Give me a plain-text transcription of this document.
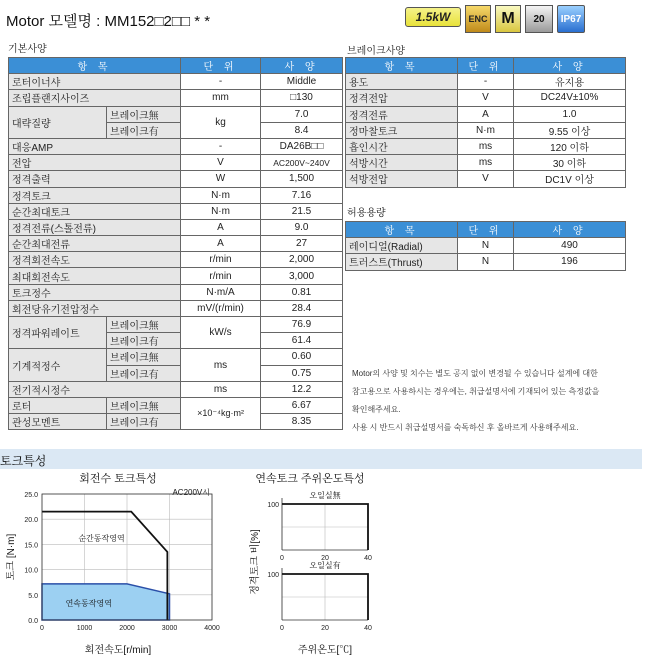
Motor 모델명 : MM152□2□□ * *	1.5kW	ENC M	20	IP67
기본사양
항 목		단 위	사 양
로터이너샤		-	Middle
조립플랜지사이즈		mm	□130
대략질량	브레이크無	kg	7.0
	브레이크有		8.4
대응AMP		-	DA26B□□
전압		V	AC200V~240V
정격출력		W	1,500
정격토크		N·m	7.16
순간최대토크		N·m	21.5
정격전류(스톨전류)		A	9.0
순간최대전류		A	27
정격회전속도		r/min	2,000
최대회전속도		r/min	3,000
토크정수		N·m/A	0.81
회전당유기전압정수		mV/(r/min)	28.4
정격파워레이트	브레이크無	kW/s	76.9
	브레이크有		61.4
기계적정수	브레이크無	ms	0.60
	브레이크有		0.75
전기적시정수		ms	12.2
로터	브레이크無	×10⁻⁴kg·m²	6.67
관성모멘트	브레이크有		8.35
브레이크사양
항 목	단 위	사 양
용도	-	유지용
정격전압	V	DC24V±10%
정격전류	A	1.0
정마찰토크	N·m	9.55 이상
흡인시간	ms	120 이하
석방시간	ms	30 이하
석방전압	V	DC1V 이상
허용용량
항 목	단 위	사 양
레이디얼(Radial)	N	490
트러스트(Thrust)	N	196
Motor의 사양 및 치수는 별도 공지 없이 변경될 수 있습니다 설계에 대한
참고용으로 사용하시는 경우에는, 취급설명서에 기재되어 있는 측정값을
확인해주세요.
사용 시 반드시 취급설명서를 숙독하신 후 올바르게 사용해주세요.
토크특성
회전수 토크특성
AC200V시
0.0
5.0
10.0
15.0
20.0
25.0
0	1000	2000	3000	4000
순간동작영역
연속동작영역
회전속도[r/min]
토크 [N·m]
연속토크 주위온도특성
0	20	40
100
오일실無
0	20	40
100
오일실有
주위온도[℃]
정격토크 비[%]
